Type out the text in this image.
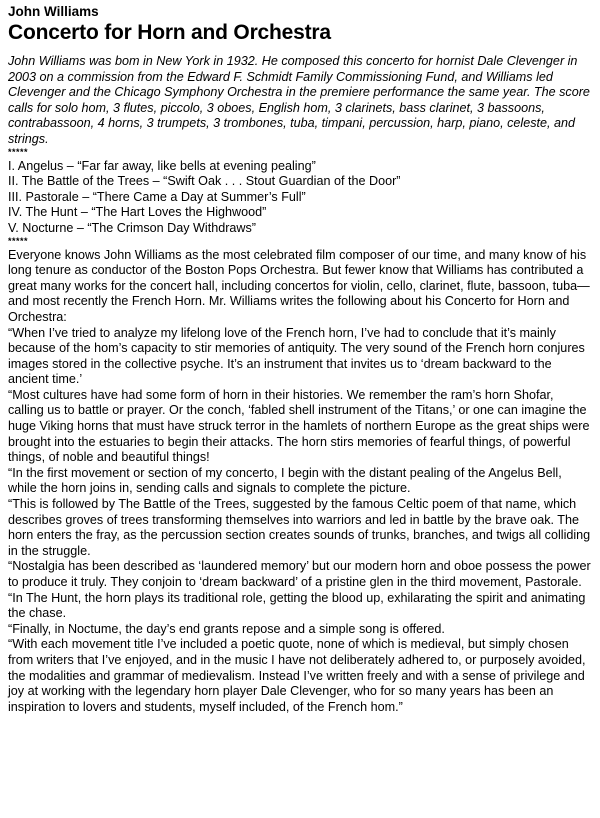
John Williams

Concerto for Horn and Orchestra

John Williams was bom in New York in 1932. He composed this concerto for hornist Dale Clevenger in 2003 on a commission from the Edward F. Schmidt Family Commissioning Fund, and Williams led Clevenger and the Chicago Symphony Orchestra in the premiere performance the same year. The score calls for solo hom, 3 flutes, piccolo, 3 oboes, English hom, 3 clarinets, bass clarinet, 3 bassoons, contrabassoon, 4 horns, 3 trumpets, 3 trombones, tuba, timpani, percussion, harp, piano, celeste, and strings.

*****

I. Angelus – “Far far away, like bells at evening pealing”
II. The Battle of the Trees – “Swift Oak . . . Stout Guardian of the Door”
III. Pastorale – “There Came a Day at Summer’s Full”
IV. The Hunt – “The Hart Loves the Highwood”
V. Nocturne – “The Crimson Day Withdraws”

*****

Everyone knows John Williams as the most celebrated film composer of our time, and many know of his long tenure as conductor of the Boston Pops Orchestra. But fewer know that Williams has contributed a great many works for the concert hall, including concertos for violin, cello, clarinet, flute, bassoon, tuba—and most recently the French Horn. Mr. Williams writes the following about his Concerto for Horn and Orchestra:

“When I’ve tried to analyze my lifelong love of the French horn, I’ve had to conclude that it’s mainly because of the hom’s capacity to stir memories of antiquity. The very sound of the French horn conjures images stored in the collective psyche. It’s an instrument that invites us to ‘dream backward to the ancient time.’

“Most cultures have had some form of horn in their histories. We remember the ram’s horn Shofar, calling us to battle or prayer. Or the conch, ‘fabled shell instrument of the Titans,’ or one can imagine the huge Viking horns that must have struck terror in the hamlets of northern Europe as the great ships were brought into the estuaries to begin their attacks. The horn stirs memories of fearful things, of powerful things, of noble and beautiful things!

“In the first movement or section of my concerto, I begin with the distant pealing of the Angelus Bell, while the horn joins in, sending calls and signals to complete the picture.

“This is followed by The Battle of the Trees, suggested by the famous Celtic poem of that name, which describes groves of trees transforming themselves into warriors and led in battle by the brave oak. The horn enters the fray, as the percussion section creates sounds of trunks, branches, and twigs all colliding in the struggle.

“Nostalgia has been described as ‘laundered memory’ but our modern horn and oboe possess the power to produce it truly. They conjoin to ‘dream backward’ of a pristine glen in the third movement, Pastorale.

“In The Hunt, the horn plays its traditional role, getting the blood up, exhilarating the spirit and animating the chase.

“Finally, in Noctume, the day’s end grants repose and a simple song is offered.

“With each movement title I’ve included a poetic quote, none of which is medieval, but simply chosen from writers that I’ve enjoyed, and in the music I have not deliberately adhered to, or purposely avoided, the modalities and grammar of medievalism. Instead I’ve written freely and with a sense of privilege and joy at working with the legendary horn player Dale Clevenger, who for so many years has been an inspiration to lovers and students, myself included, of the French hom.”
